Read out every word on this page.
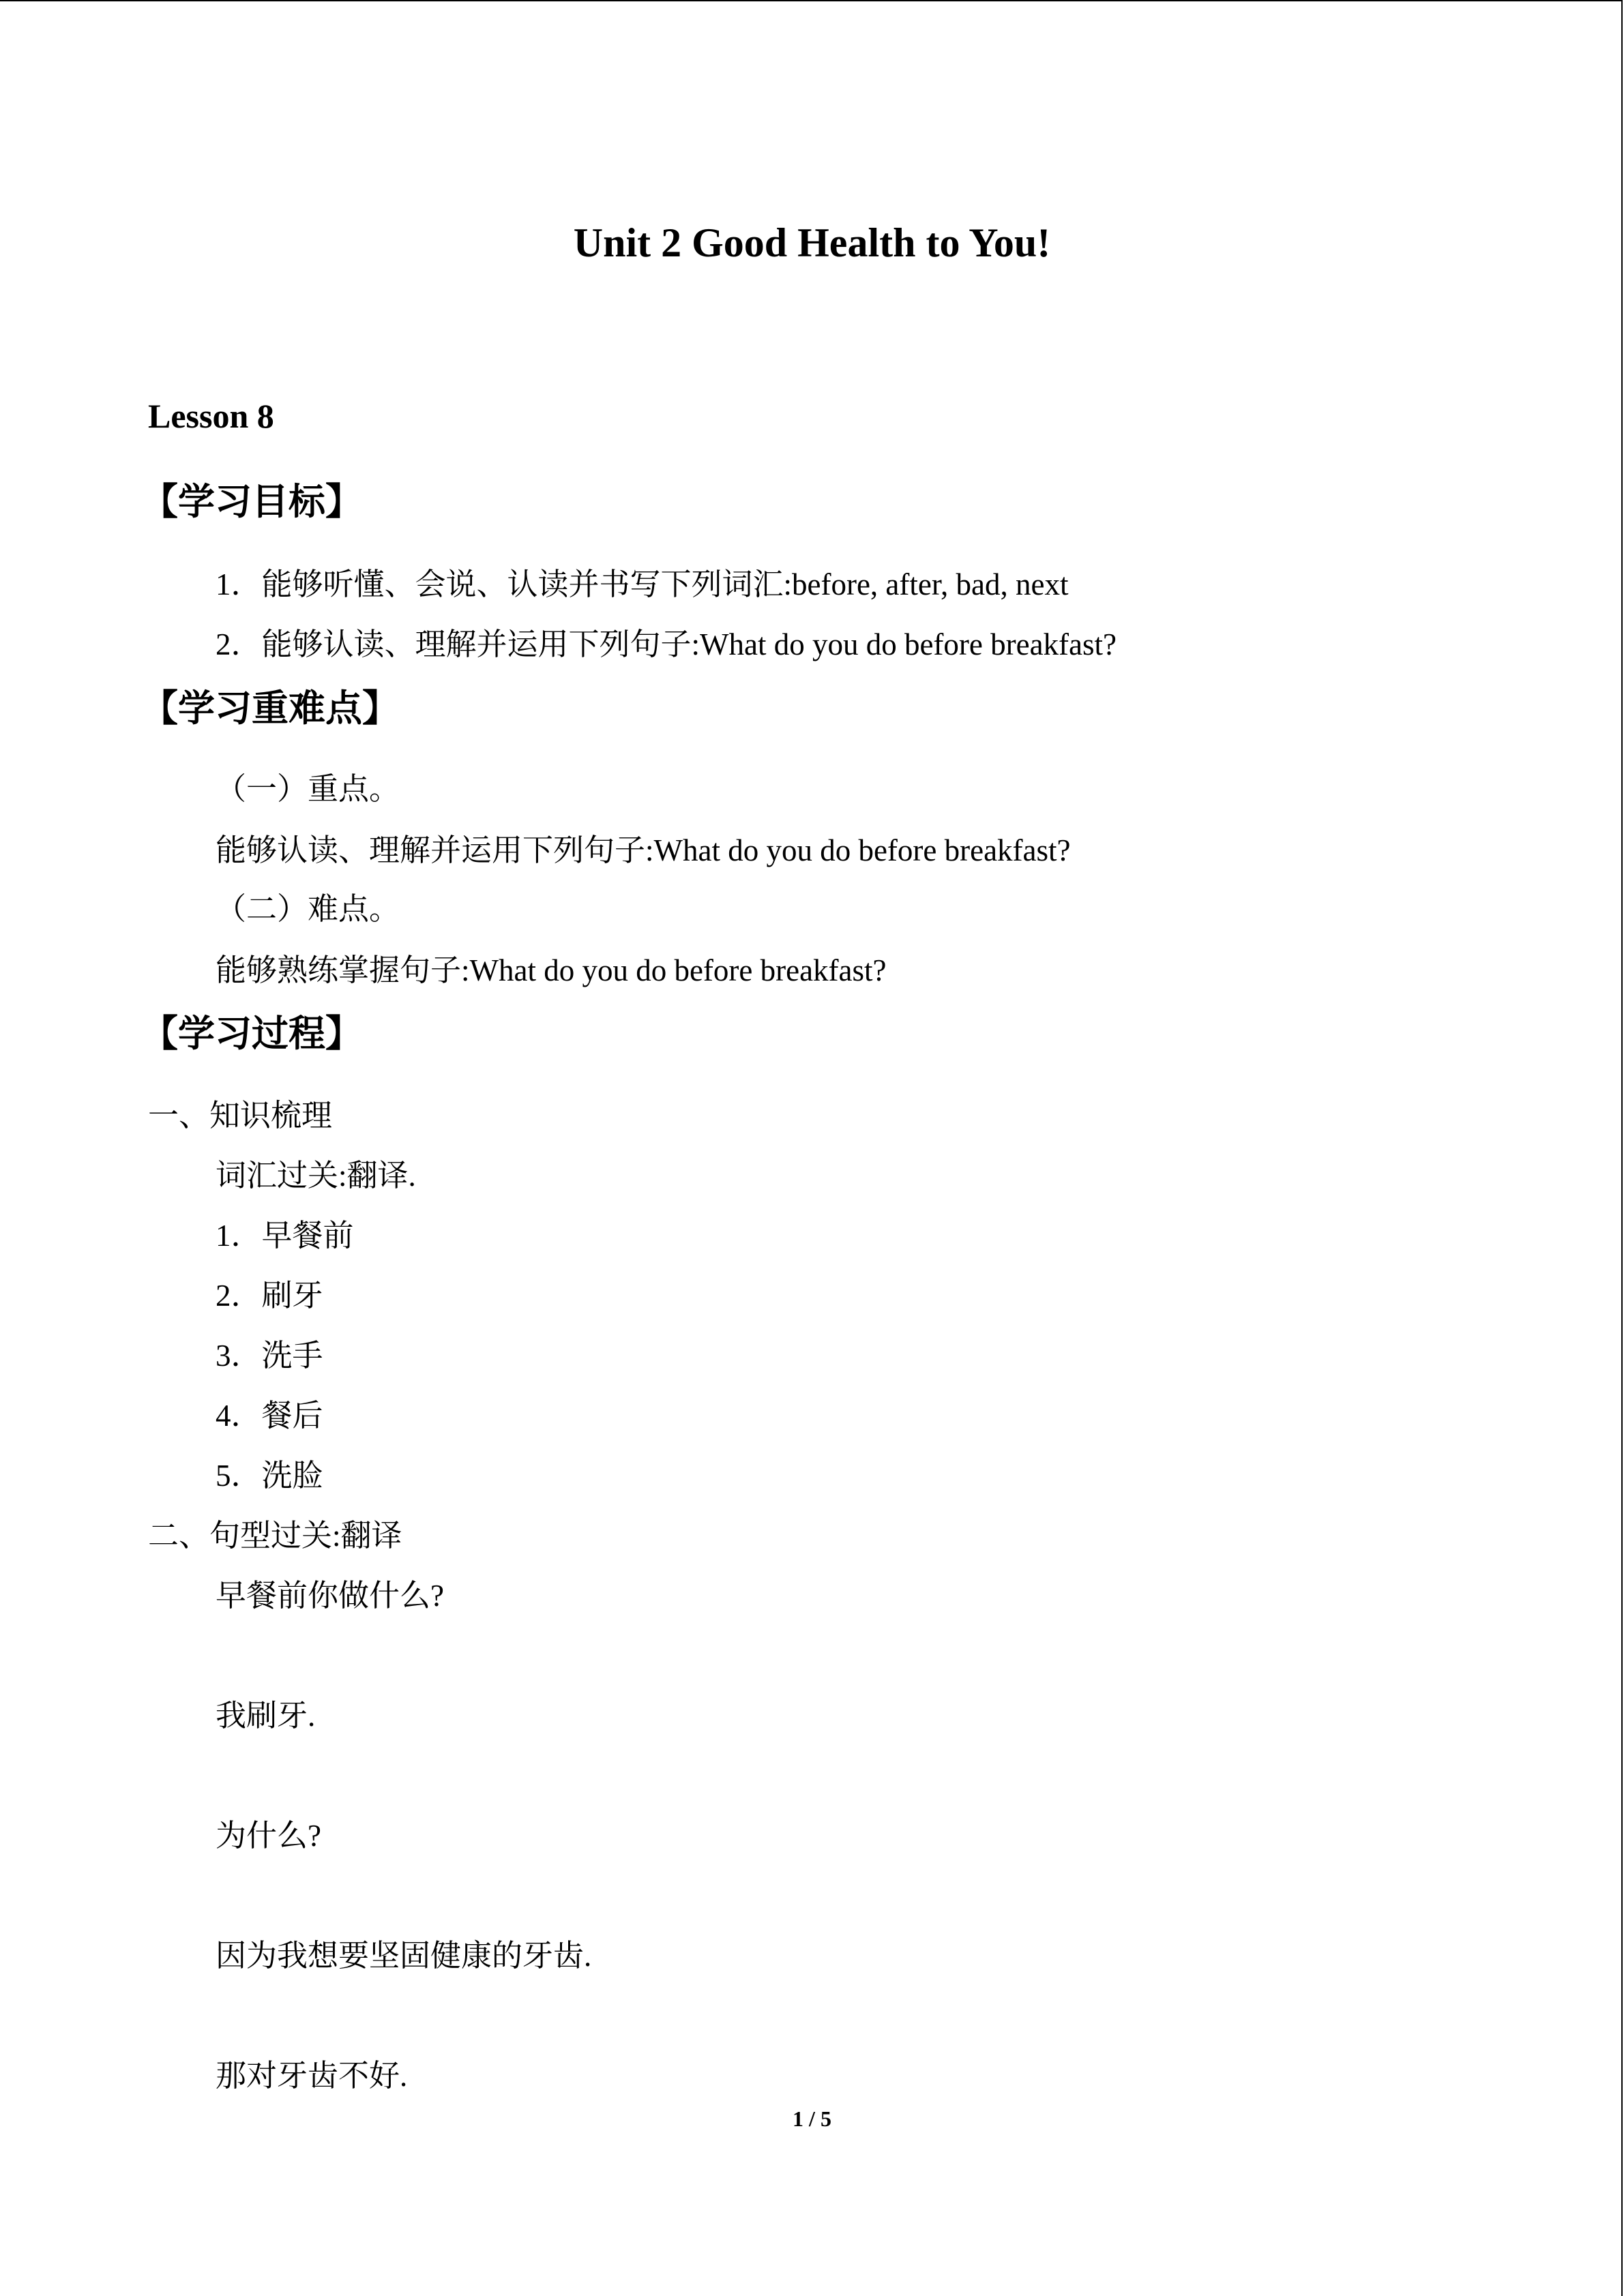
Unit 2 Good Health to You!
Lesson 8
【学习目标】
1．能够听懂、会说、认读并书写下列词汇:before, after, bad, next
2．能够认读、理解并运用下列句子:What do you do before breakfast?
【学习重难点】
（一）重点。
能够认读、理解并运用下列句子:What do you do before breakfast?
（二）难点。
能够熟练掌握句子:What do you do before breakfast?
【学习过程】
一、知识梳理
词汇过关:翻译.
1．早餐前
2．刷牙
3．洗手
4．餐后
5．洗脸
二、句型过关:翻译
早餐前你做什么?
我刷牙.
为什么?
因为我想要坚固健康的牙齿.
那对牙齿不好.
1 / 5
